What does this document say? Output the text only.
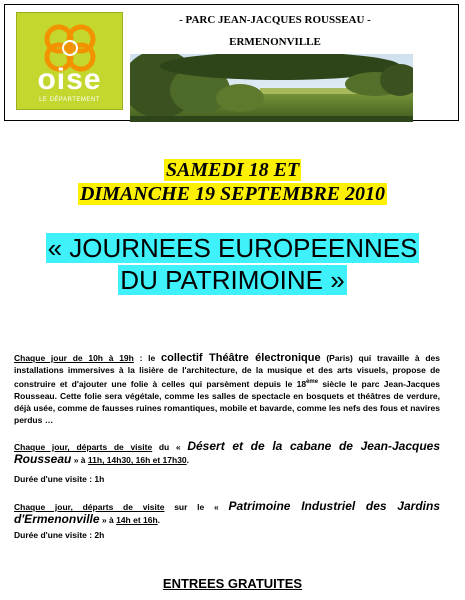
oise
LE DÉPARTEMENT
- PARC JEAN-JACQUES ROUSSEAU -
ERMENONVILLE
SAMEDI 18 ET
DIMANCHE 19 SEPTEMBRE 2010
« JOURNEES EUROPEENNES
DU PATRIMOINE »
Chaque jour de 10h à 19h : le collectif Théâtre électronique (Paris) qui travaille à des installations immersives à la lisière de l'architecture, de la musique et des arts visuels, propose de construire et d'ajouter une folie à celles qui parsèment depuis le 18ème siècle le parc Jean-Jacques Rousseau. Cette folie sera végétale, comme les salles de spectacle en bosquets et théâtres de verdure, déjà usée, comme de fausses ruines romantiques, mobile et bavarde, comme les nefs des fous et navires perdus …
Chaque jour, départs de visite du « Désert et de la cabane de Jean-Jacques Rousseau » à 11h, 14h30, 16h et 17h30.
Durée d'une visite : 1h
Chaque jour, départs de visite sur le « Patrimoine Industriel des Jardins d'Ermenonville » à 14h et 16h.
Durée d'une visite : 2h
ENTREES GRATUITES
